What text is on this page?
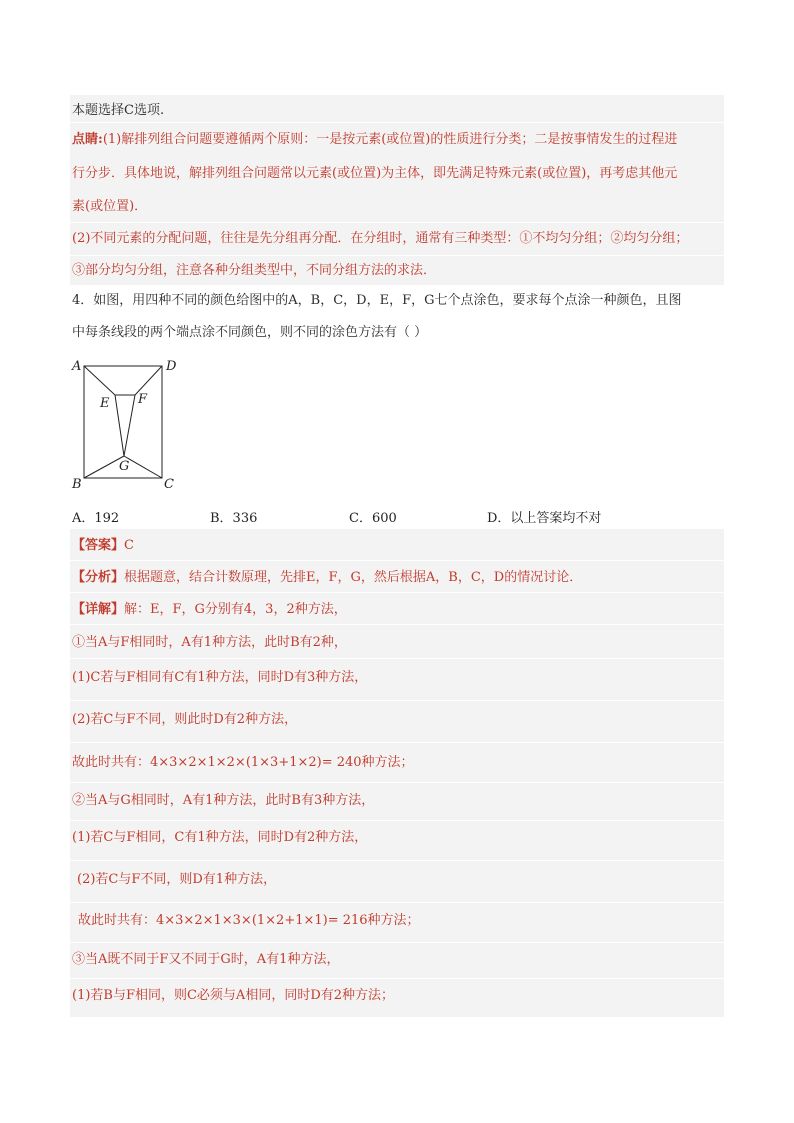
本题选择C选项.
点睛:(1)解排列组合问题要遵循两个原则：一是按元素(或位置)的性质进行分类；二是按事情发生的过程进
行分步．具体地说，解排列组合问题常以元素(或位置)为主体，即先满足特殊元素(或位置)，再考虑其他元
素(或位置)．
(2)不同元素的分配问题，往往是先分组再分配．在分组时，通常有三种类型：①不均匀分组；②均匀分组；
③部分均匀分组，注意各种分组类型中，不同分组方法的求法．
4．如图，用四种不同的颜色给图中的A，B，C，D，E，F，G七个点涂色，要求每个点涂一种颜色，且图
中每条线段的两个端点涂不同颜色，则不同的涂色方法有（ ）
A	D
E F
G
B	C
A．192	B．336	C．600	D．以上答案均不对
【答案】C
【分析】根据题意，结合计数原理，先排E，F，G，然后根据A，B，C，D的情况讨论．
【详解】解：E，F，G分别有4，3，2种方法，
①当A与F相同时，A有1种方法，此时B有2种，
(1)C若与F相同有C有1种方法，同时D有3种方法，
(2)若C与F不同，则此时D有2种方法，
故此时共有：4×3×2×1×2×(1×3+1×2)= 240种方法；
②当A与G相同时，A有1种方法，此时B有3种方法，
(1)若C与F相同，C有1种方法，同时D有2种方法，
(2)若C与F不同，则D有1种方法，
故此时共有：4×3×2×1×3×(1×2+1×1)= 216种方法；
③当A既不同于F又不同于G时，A有1种方法，
(1)若B与F相同，则C必须与A相同，同时D有2种方法；
